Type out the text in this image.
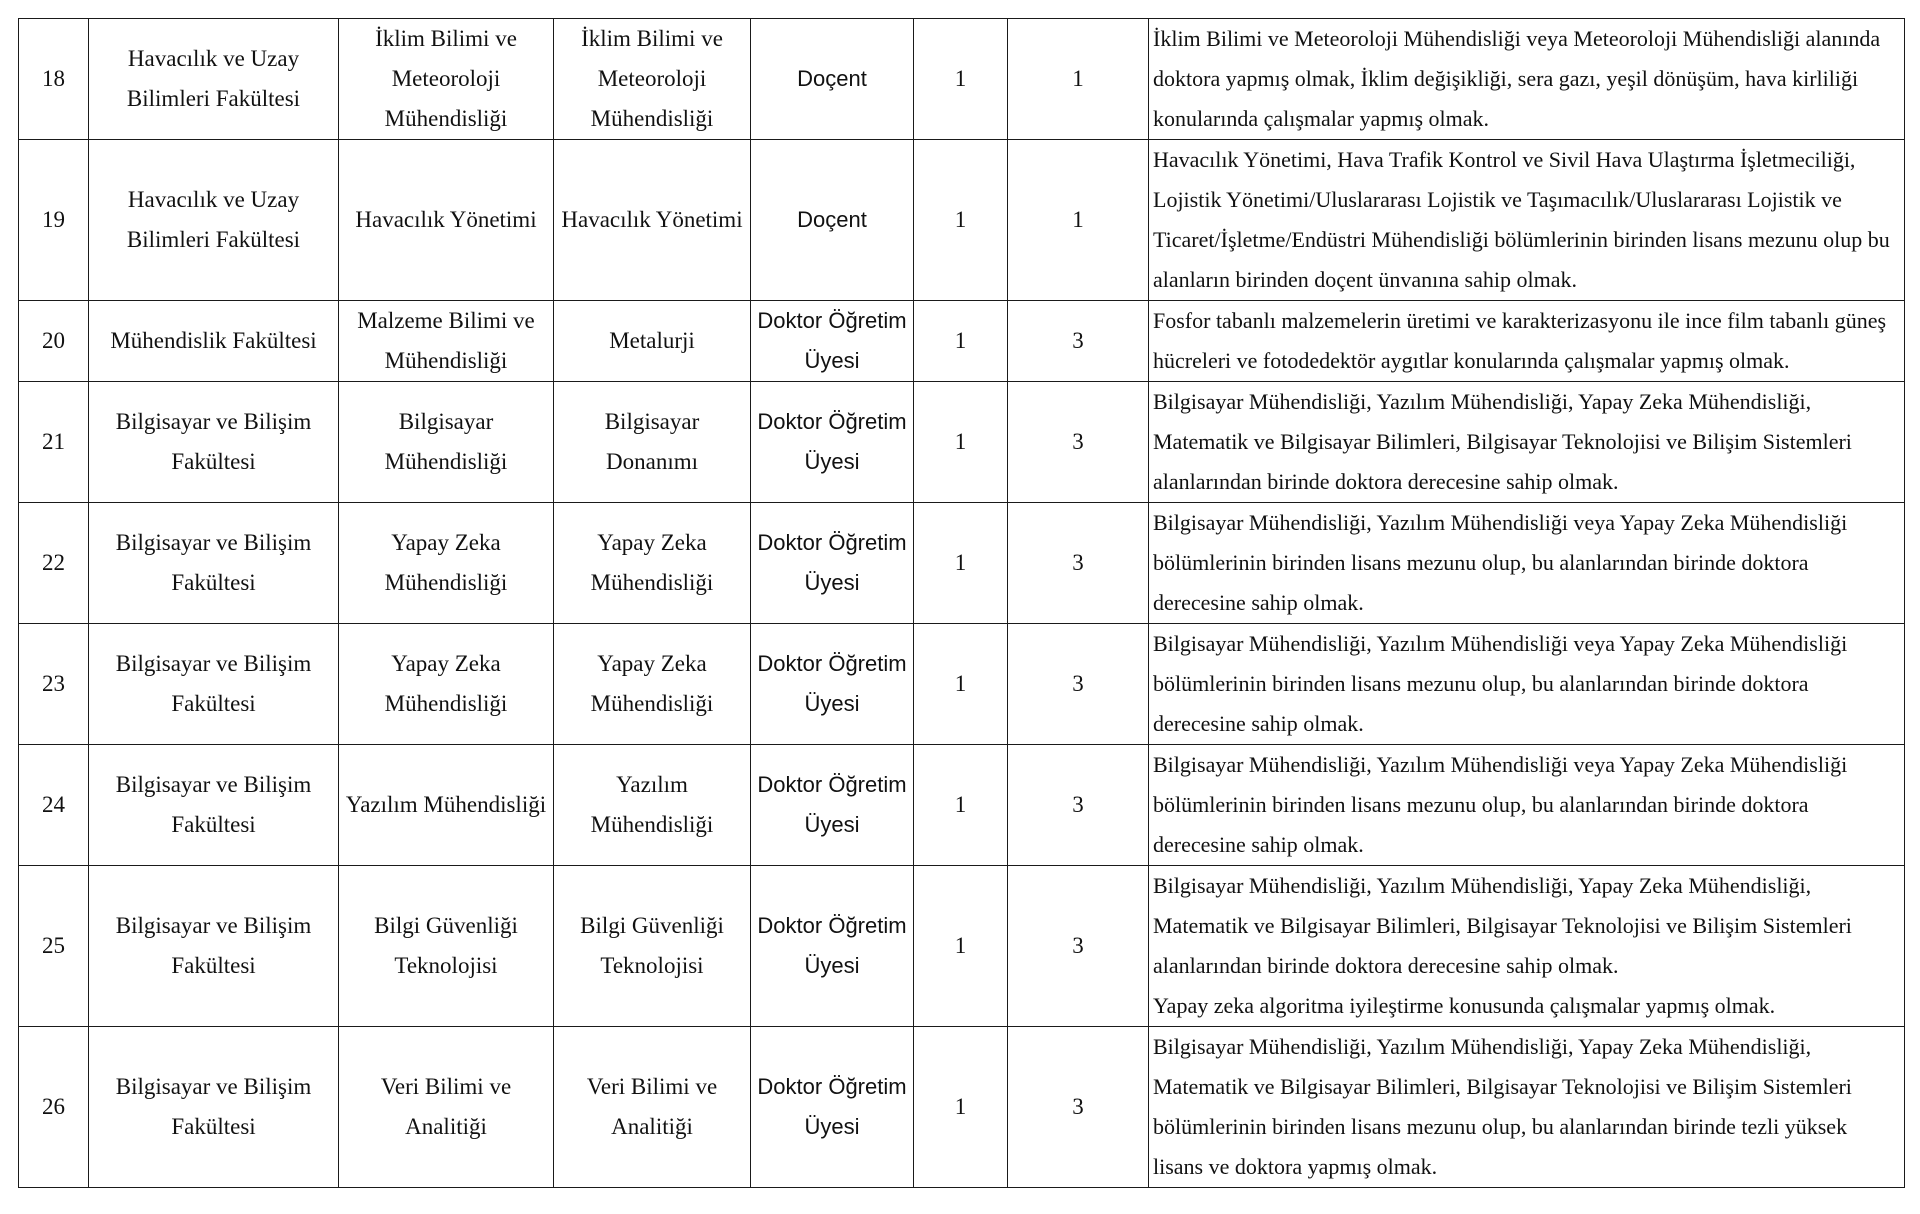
18	Havacılık ve Uzay Bilimleri Fakültesi	İklim Bilimi ve Meteoroloji Mühendisliği	İklim Bilimi ve Meteoroloji Mühendisliği	Doçent	1	1	İklim Bilimi ve Meteoroloji Mühendisliği veya Meteoroloji Mühendisliği alanında doktora yapmış olmak, İklim değişikliği, sera gazı, yeşil dönüşüm, hava kirliliği konularında çalışmalar yapmış olmak.
19	Havacılık ve Uzay Bilimleri Fakültesi	Havacılık Yönetimi	Havacılık Yönetimi	Doçent	1	1	Havacılık Yönetimi, Hava Trafik Kontrol ve Sivil Hava Ulaştırma İşletmeciliği, Lojistik Yönetimi/Uluslararası Lojistik ve Taşımacılık/Uluslararası Lojistik ve Ticaret/İşletme/Endüstri Mühendisliği bölümlerinin birinden lisans mezunu olup bu alanların birinden doçent ünvanına sahip olmak.
20	Mühendislik Fakültesi	Malzeme Bilimi ve Mühendisliği	Metalurji	Doktor Öğretim Üyesi	1	3	Fosfor tabanlı malzemelerin üretimi ve karakterizasyonu ile ince film tabanlı güneş hücreleri ve fotodedektör aygıtlar konularında çalışmalar yapmış olmak.
21	Bilgisayar ve Bilişim Fakültesi	Bilgisayar Mühendisliği	Bilgisayar Donanımı	Doktor Öğretim Üyesi	1	3	Bilgisayar Mühendisliği, Yazılım Mühendisliği, Yapay Zeka Mühendisliği, Matematik ve Bilgisayar Bilimleri, Bilgisayar Teknolojisi ve Bilişim Sistemleri alanlarından birinde doktora derecesine sahip olmak.
22	Bilgisayar ve Bilişim Fakültesi	Yapay Zeka Mühendisliği	Yapay Zeka Mühendisliği	Doktor Öğretim Üyesi	1	3	Bilgisayar Mühendisliği, Yazılım Mühendisliği veya Yapay Zeka Mühendisliği bölümlerinin birinden lisans mezunu olup, bu alanlarından birinde doktora derecesine sahip olmak.
23	Bilgisayar ve Bilişim Fakültesi	Yapay Zeka Mühendisliği	Yapay Zeka Mühendisliği	Doktor Öğretim Üyesi	1	3	Bilgisayar Mühendisliği, Yazılım Mühendisliği veya Yapay Zeka Mühendisliği bölümlerinin birinden lisans mezunu olup, bu alanlarından birinde doktora derecesine sahip olmak.
24	Bilgisayar ve Bilişim Fakültesi	Yazılım Mühendisliği	Yazılım Mühendisliği	Doktor Öğretim Üyesi	1	3	Bilgisayar Mühendisliği, Yazılım Mühendisliği veya Yapay Zeka Mühendisliği bölümlerinin birinden lisans mezunu olup, bu alanlarından birinde doktora derecesine sahip olmak.
25	Bilgisayar ve Bilişim Fakültesi	Bilgi Güvenliği Teknolojisi	Bilgi Güvenliği Teknolojisi	Doktor Öğretim Üyesi	1	3	Bilgisayar Mühendisliği, Yazılım Mühendisliği, Yapay Zeka Mühendisliği, Matematik ve Bilgisayar Bilimleri, Bilgisayar Teknolojisi ve Bilişim Sistemleri alanlarından birinde doktora derecesine sahip olmak.
Yapay zeka algoritma iyileştirme konusunda çalışmalar yapmış olmak.
26	Bilgisayar ve Bilişim Fakültesi	Veri Bilimi ve Analitiği	Veri Bilimi ve Analitiği	Doktor Öğretim Üyesi	1	3	Bilgisayar Mühendisliği, Yazılım Mühendisliği, Yapay Zeka Mühendisliği, Matematik ve Bilgisayar Bilimleri, Bilgisayar Teknolojisi ve Bilişim Sistemleri bölümlerinin birinden lisans mezunu olup, bu alanlarından birinde tezli yüksek lisans ve doktora yapmış olmak.
